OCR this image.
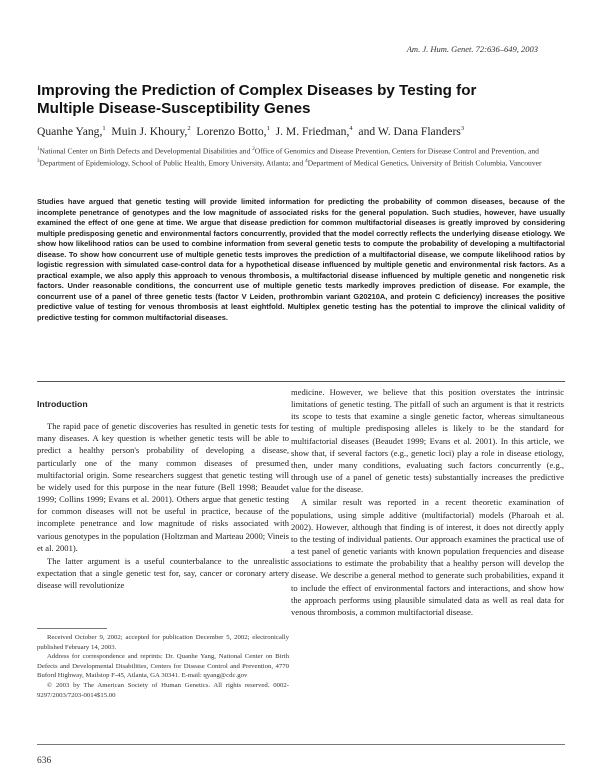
Am. J. Hum. Genet. 72:636–649, 2003
Improving the Prediction of Complex Diseases by Testing for Multiple Disease-Susceptibility Genes
Quanhe Yang,$^1$ Muin J. Khoury,$^2$ Lorenzo Botto,$^1$ J. M. Friedman,$^4$ and W. Dana Flanders$^3$
$^1$National Center on Birth Defects and Developmental Disabilities and $^2$Office of Genomics and Disease Prevention, Centers for Disease Control and Prevention, and $^3$Department of Epidemiology, School of Public Health, Emory University, Atlanta; and $^4$Department of Medical Genetics, University of British Columbia, Vancouver
Studies have argued that genetic testing will provide limited information for predicting the probability of common diseases, because of the incomplete penetrance of genotypes and the low magnitude of associated risks for the general population. Such studies, however, have usually examined the effect of one gene at time. We argue that disease prediction for common multifactorial diseases is greatly improved by considering multiple predisposing genetic and environmental factors concurrently, provided that the model correctly reflects the underlying disease etiology. We show how likelihood ratios can be used to combine information from several genetic tests to compute the probability of developing a multifactorial disease. To show how concurrent use of multiple genetic tests improves the prediction of a multifactorial disease, we compute likelihood ratios by logistic regression with simulated case-control data for a hypothetical disease influenced by multiple genetic and environmental risk factors. As a practical example, we also apply this approach to venous thrombosis, a multifactorial disease influenced by multiple genetic and nongenetic risk factors. Under reasonable conditions, the concurrent use of multiple genetic tests markedly improves prediction of disease. For example, the concurrent use of a panel of three genetic tests (factor V Leiden, prothrombin variant G20210A, and protein C deficiency) increases the positive predictive value of testing for venous thrombosis at least eightfold. Multiplex genetic testing has the potential to improve the clinical validity of predictive testing for common multifactorial diseases.
Introduction

The rapid pace of genetic discoveries has resulted in genetic tests for many diseases. A key question is whether genetic tests will be able to predict a healthy person's probability of developing a disease, particularly one of the many common diseases of presumed multifactorial origin. Some researchers suggest that genetic testing will be widely used for this purpose in the near future (Bell 1998; Beaudet 1999; Collins 1999; Evans et al. 2001). Others argue that genetic testing for common diseases will not be useful in practice, because of the incomplete penetrance and low magnitude of risks associated with various genotypes in the population (Holtzman and Marteau 2000; Vineis et al. 2001).

The latter argument is a useful counterbalance to the unrealistic expectation that a single genetic test for, say, cancer or coronary artery disease will revolutionize

Received October 9, 2002; accepted for publication December 5, 2002; electronically published February 14, 2003.

Address for correspondence and reprints: Dr. Quanhe Yang, National Center on Birth Defects and Developmental Disabilities, Centers for Disease Control and Prevention, 4770 Buford Highway, Mailstop F-45, Atlanta, GA 30341. E-mail: qyang@cdc.gov

© 2003 by The American Society of Human Genetics. All rights reserved. 0002-9297/2003/7203-0014$15.00

medicine. However, we believe that this position overstates the intrinsic limitations of genetic testing. The pitfall of such an argument is that it restricts its scope to tests that examine a single genetic factor, whereas simultaneous testing of multiple predisposing alleles is likely to be the standard for multifactorial diseases (Beaudet 1999; Evans et al. 2001). In this article, we show that, if several factors (e.g., genetic loci) play a role in disease etiology, then, under many conditions, evaluating such factors concurrently (e.g., through use of a panel of genetic tests) substantially increases the predictive value for the disease.

A similar result was reported in a recent theoretic examination of populations, using simple additive (multifactorial) models (Pharoah et al. 2002). However, although that finding is of interest, it does not directly apply to the testing of individual patients. Our approach examines the practical use of a test panel of genetic variants with known population frequencies and disease associations to estimate the probability that a healthy person will develop the disease. We describe a general method to generate such probabilities, expand it to include the effect of environmental factors and interactions, and show how the approach performs using plausible simulated data as well as real data for venous thrombosis, a common multifactorial disease.

636
